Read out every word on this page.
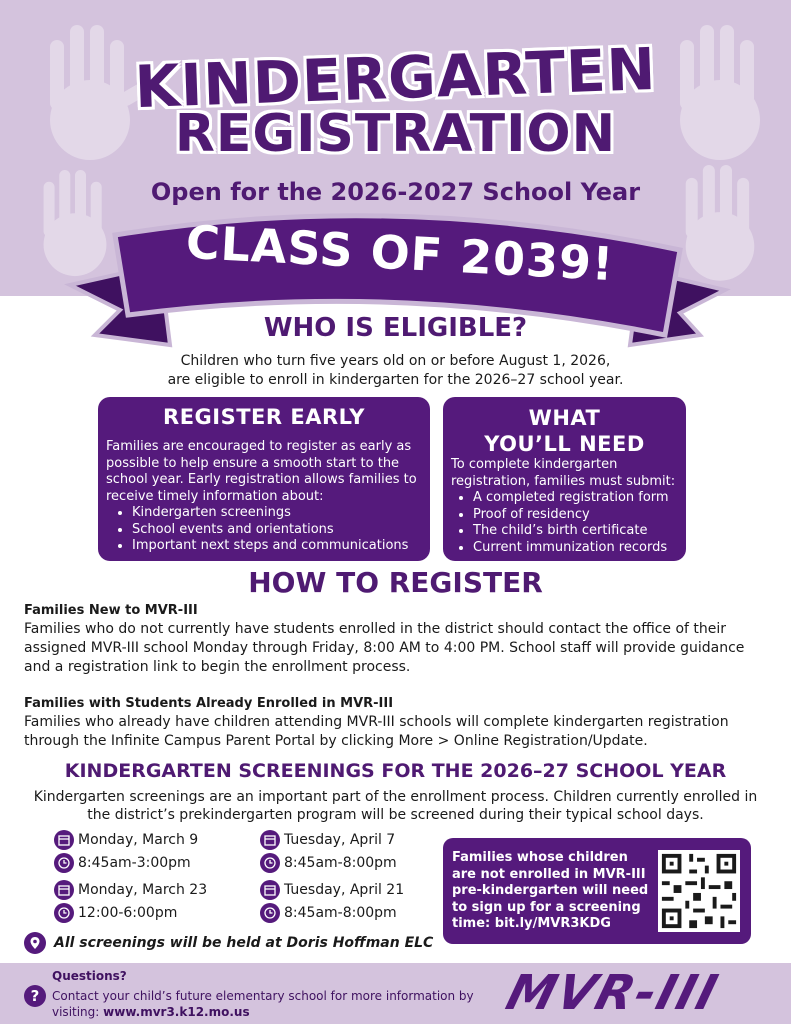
KINDERGARTEN
REGISTRATION
Open for the 2026-2027 School Year
CLASS OF 2039!
WHO IS ELIGIBLE?
Children who turn five years old on or before August 1, 2026,
are eligible to enroll in kindergarten for the 2026–27 school year.
REGISTER EARLY

Families are encouraged to register as early as possible to help ensure a smooth start to the school year. Early registration allows families to receive timely information about:

• Kindergarten screenings
• School events and orientations
• Important next steps and communications
WHAT YOU’LL NEED

To complete kindergarten registration, families must submit:

• A completed registration form
• Proof of residency
• The child’s birth certificate
• Current immunization records
HOW TO REGISTER
Families New to MVR-III
Families who do not currently have students enrolled in the district should contact the office of their assigned MVR-III school Monday through Friday, 8:00 AM to 4:00 PM. School staff will provide guidance and a registration link to begin the enrollment process.
Families with Students Already Enrolled in MVR-III
Families who already have children attending MVR-III schools will complete kindergarten registration through the Infinite Campus Parent Portal by clicking More > Online Registration/Update.
KINDERGARTEN SCREENINGS FOR THE 2026–27 SCHOOL YEAR
Kindergarten screenings are an important part of the enrollment process. Children currently enrolled in
the district’s prekindergarten program will be screened during their typical school days.
Monday, March 9
8:45am-3:00pm
Tuesday, April 7
8:45am-8:00pm
Monday, March 23
12:00-6:00pm
Tuesday, April 21
8:45am-8:00pm
All screenings will be held at Doris Hoffman ELC
Families whose children are not enrolled in MVR-III pre-kindergarten will need to sign up for a screening time: bit.ly/MVR3KDG
?
Questions?
Contact your child’s future elementary school for more information by visiting: www.mvr3.k12.mo.us	MVR-III
